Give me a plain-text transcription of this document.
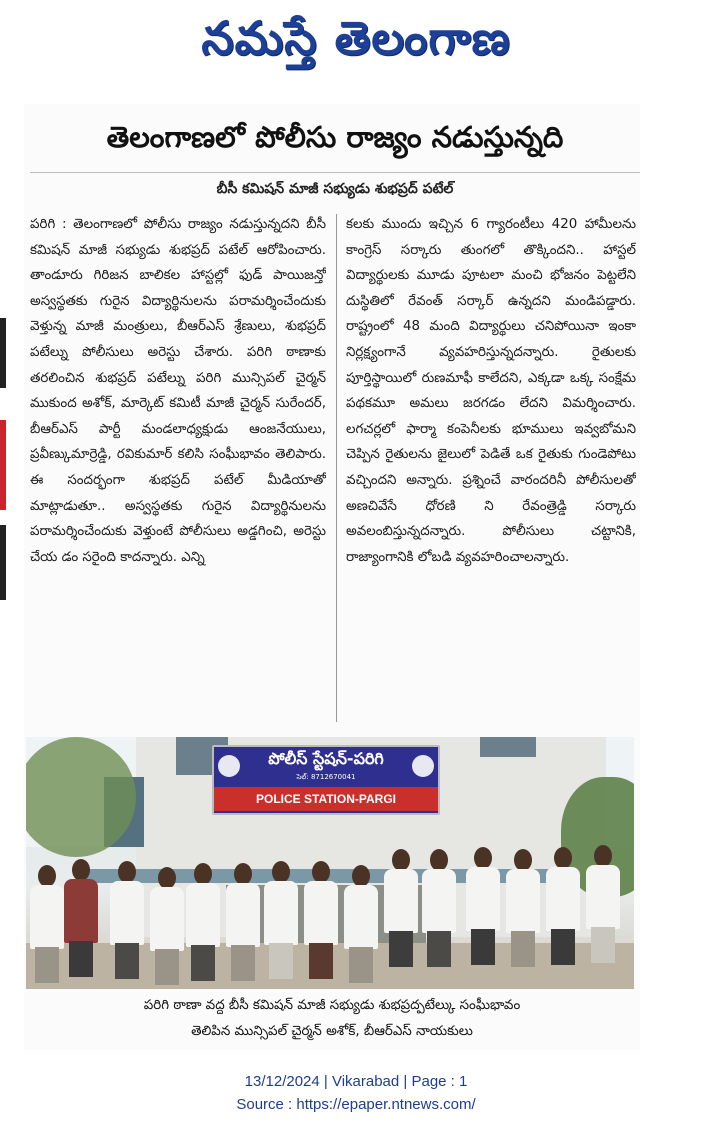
నమస్తే తెలంగాణ
తెలంగాణలో పోలీసు రాజ్యం నడుస్తున్నది
బీసీ కమిషన్ మాజీ సభ్యుడు శుభప్రద్ పటేల్

పరిగి : తెలంగాణలో పోలీసు రాజ్యం నడుస్తున్నదని బీసీ కమిషన్ మాజీ సభ్యుడు శుభప్రద్ పటేల్ ఆరోపించారు. తాండూరు గిరిజన బాలికల హాస్టల్లో ఫుడ్ పాయిజన్తో అస్వస్థతకు గురైన విద్యార్థినులను పరామర్శించేందుకు వెళ్తున్న మాజీ మంత్రులు, బీఆర్ఎస్ శ్రేణులు, శుభప్రద్ పటేల్ను పోలీసులు అరెస్టు చేశారు. పరిగి ఠాణాకు తరలించిన శుభప్రద్ పటేల్ను పరిగి మున్సిపల్ చైర్మన్ ముకుంద అశోక్, మార్కెట్ కమిటీ మాజీ చైర్మన్ సురేందర్, బీఆర్ఎస్ పార్టీ మండలాధ్యక్షుడు ఆంజనేయులు, ప్రవీణ్కుమార్రెడ్డి, రవికుమార్ కలిసి సంఘీభావం తెలిపారు. ఈ సందర్భంగా శుభప్రద్ పటేల్ మీడియాతో మాట్లాడుతూ.. అస్వస్థతకు గురైన విద్యార్థినులను పరామర్శించేందుకు వెళ్తుంటే పోలీసులు అడ్డగించి, అరెస్టు చేయ డం సరైంది కాదన్నారు. ఎన్ని

కలకు ముందు ఇచ్చిన 6 గ్యారంటీలు 420 హామీలను కాంగ్రెస్ సర్కారు తుంగలో తొక్కిందని.. హాస్టల్ విద్యార్థులకు మూడు పూటలా మంచి భోజనం పెట్టలేని దుస్థితిలో రేవంత్ సర్కార్ ఉన్నదని మండిపడ్డారు. రాష్ట్రంలో 48 మంది విద్యార్థులు చనిపోయినా ఇంకా నిర్లక్ష్యంగానే వ్యవహరిస్తున్నదన్నారు. రైతులకు పూర్తిస్థాయిలో రుణమాఫీ కాలేదని, ఎక్కడా ఒక్క సంక్షేమ పథకమూ అమలు జరగడం లేదని విమర్శించారు. లగచర్లలో ఫార్మా కంపెనీలకు భూములు ఇవ్వబోమని చెప్పిన రైతులను జైలులో పెడితే ఒక రైతుకు గుండెపోటు వచ్చిందని అన్నారు. ప్రశ్నించే వారందరినీ పోలీసులతో అణచివేసే ధోరణి ని రేవంత్రెడ్డి సర్కారు అవలంబిస్తున్నదన్నారు. పోలీసులు చట్టానికి, రాజ్యాంగానికి లోబడి వ్యవహరించాలన్నారు.

పోలీస్ స్టేషన్-పరిగి
సెల్: 8712670041
POLICE STATION-PARGI

పరిగి ఠాణా వద్ద బీసీ కమిషన్ మాజీ సభ్యుడు శుభప్రద్పటేల్కు సంఘీభావం

తెలిపిన మున్సిపల్ చైర్మన్ అశోక్, బీఆర్ఎస్ నాయకులు

13/12/2024 | Vikarabad | Page : 1

Source : https://epaper.ntnews.com/
